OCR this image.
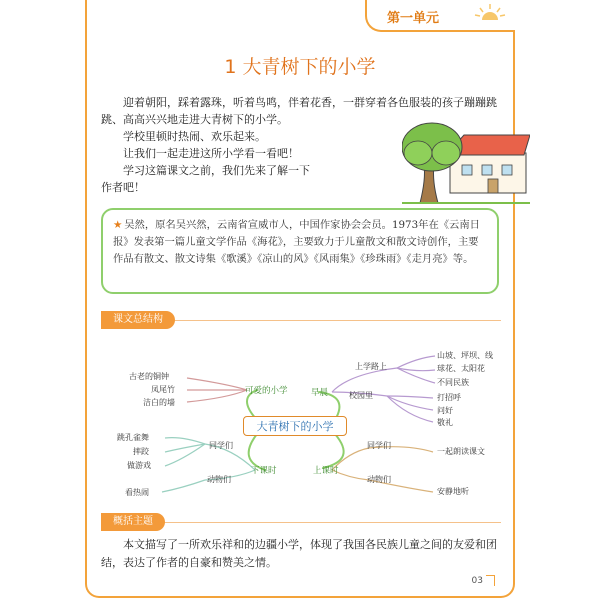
第一单元
1 大青树下的小学

迎着朝阳，踩着露珠，听着鸟鸣，伴着花香，一群穿着各色服装的孩子蹦蹦跳跳、高高兴兴地走进大青树下的小学。

学校里顿时热闹、欢乐起来。

让我们一起走进这所小学看一看吧！

学习这篇课文之前，我们先来了解一下作者吧！

★ 吴然，原名吴兴然，云南省宣威市人，中国作家协会会员。1973年在《云南日报》发表第一篇儿童文学作品《海花》，主要致力于儿童散文和散文诗创作，主要作品有散文、散文诗集《歌溪》《凉山的风》《风雨集》《珍珠雨》《走月亮》等。
课文总结构
大青树下的小学
可爱的小学
古老的铜钟
凤尾竹
洁白的墙
早晨
上学路上
山坡、坪坝、线
球花、太阳花
不同民族
校园里	打招呼
问好
敬礼
下课时
同学们
跳孔雀舞
摔跤
做游戏
动物们
看热闹
上课时
同学们
一起朗读课文
动物们
安静地听
概括主题
本文描写了一所欢乐祥和的边疆小学，体现了我国各民族儿童之间的友爱和团结，表达了作者的自豪和赞美之情。
03
